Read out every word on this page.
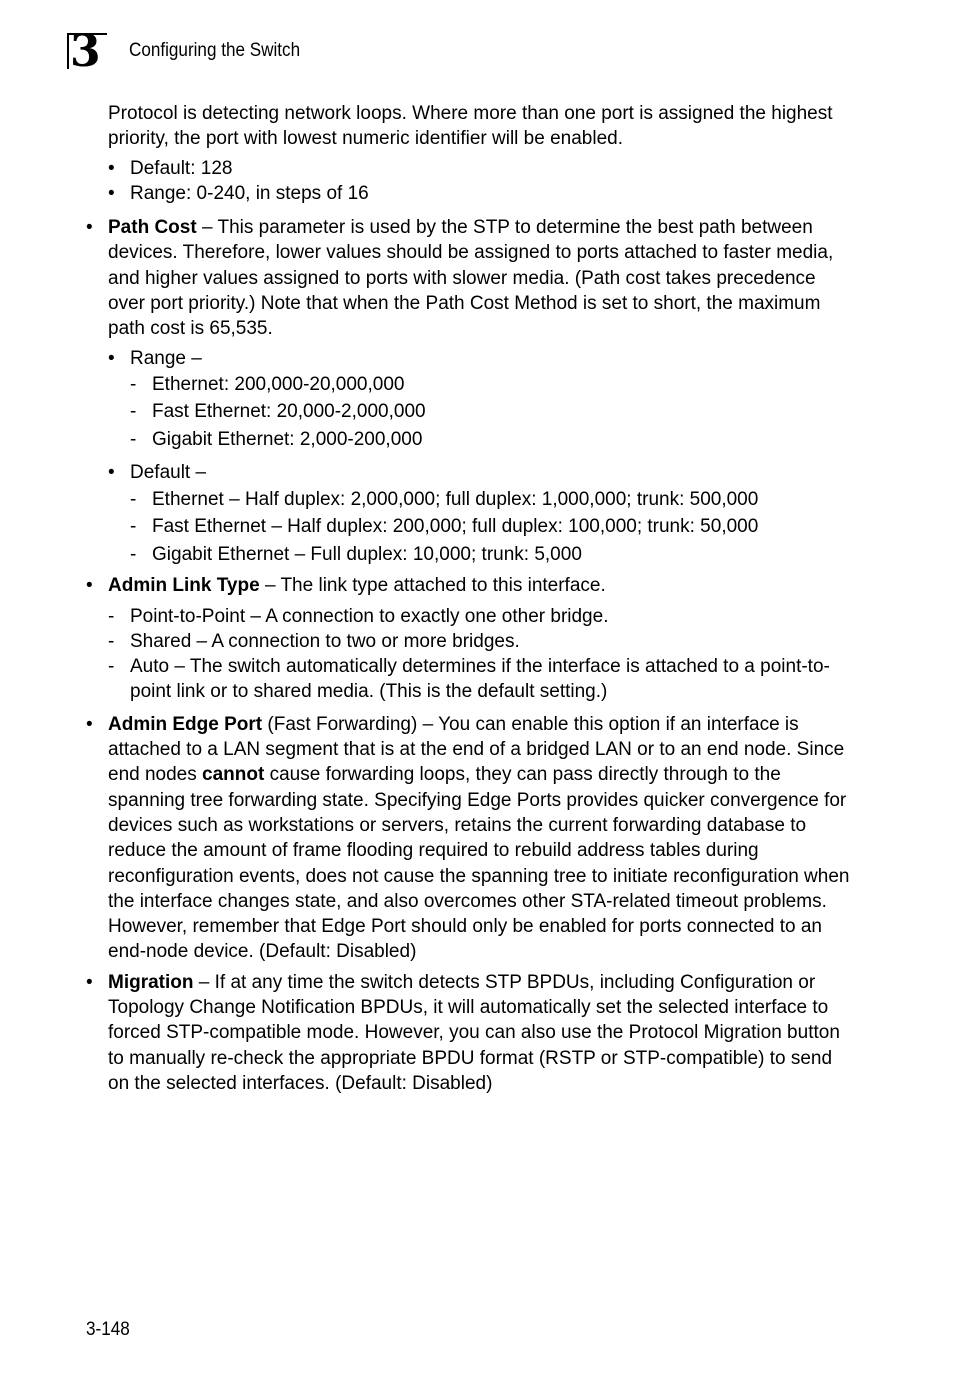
3 Configuring the Switch

Protocol is detecting network loops. Where more than one port is assigned the highest priority, the port with lowest numeric identifier will be enabled.

• Default: 128
• Range: 0-240, in steps of 16

• Path Cost – This parameter is used by the STP to determine the best path between devices. Therefore, lower values should be assigned to ports attached to faster media, and higher values assigned to ports with slower media. (Path cost takes precedence over port priority.) Note that when the Path Cost Method is set to short, the maximum path cost is 65,535.

• Range –
- Ethernet: 200,000-20,000,000
- Fast Ethernet: 20,000-2,000,000
- Gigabit Ethernet: 2,000-200,000
• Default –
- Ethernet – Half duplex: 2,000,000; full duplex: 1,000,000; trunk: 500,000
- Fast Ethernet – Half duplex: 200,000; full duplex: 100,000; trunk: 50,000
- Gigabit Ethernet – Full duplex: 10,000; trunk: 5,000

• Admin Link Type – The link type attached to this interface.

- Point-to-Point – A connection to exactly one other bridge.
- Shared – A connection to two or more bridges.
- Auto – The switch automatically determines if the interface is attached to a point-to-point link or to shared media. (This is the default setting.)

• Admin Edge Port (Fast Forwarding) – You can enable this option if an interface is attached to a LAN segment that is at the end of a bridged LAN or to an end node. Since end nodes cannot cause forwarding loops, they can pass directly through to the spanning tree forwarding state. Specifying Edge Ports provides quicker convergence for devices such as workstations or servers, retains the current forwarding database to reduce the amount of frame flooding required to rebuild address tables during reconfiguration events, does not cause the spanning tree to initiate reconfiguration when the interface changes state, and also overcomes other STA-related timeout problems. However, remember that Edge Port should only be enabled for ports connected to an end-node device. (Default: Disabled)

• Migration – If at any time the switch detects STP BPDUs, including Configuration or Topology Change Notification BPDUs, it will automatically set the selected interface to forced STP-compatible mode. However, you can also use the Protocol Migration button to manually re-check the appropriate BPDU format (RSTP or STP-compatible) to send on the selected interfaces. (Default: Disabled)

3-148
